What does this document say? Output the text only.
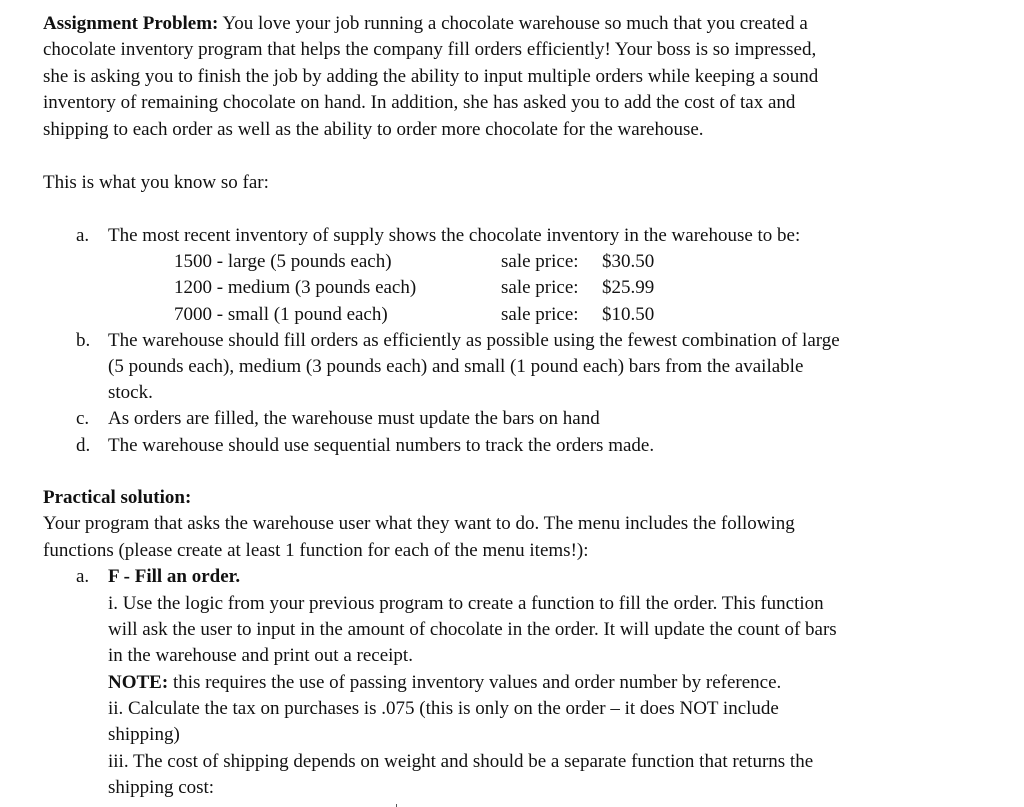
Assignment Problem: You love your job running a chocolate warehouse so much that you created a

chocolate inventory program that helps the company fill orders efficiently! Your boss is so impressed,

she is asking you to finish the job by adding the ability to input multiple orders while keeping a sound

inventory of remaining chocolate on hand. In addition, she has asked you to add the cost of tax and

shipping to each order as well as the ability to order more chocolate for the warehouse.

This is what you know so far:

a. The most recent inventory of supply shows the chocolate inventory in the warehouse to be:

1500 - large (5 pounds each)	sale price: $30.50
1200 - medium (3 pounds each)	sale price: $25.99
7000 - small (1 pound each)	sale price: $10.50
b. The warehouse should fill orders as efficiently as possible using the fewest combination of large

(5 pounds each), medium (3 pounds each) and small (1 pound each) bars from the available

stock.

c. As orders are filled, the warehouse must update the bars on hand

d. The warehouse should use sequential numbers to track the orders made.

Practical solution:

Your program that asks the warehouse user what they want to do. The menu includes the following

functions (please create at least 1 function for each of the menu items!):

a. F - Fill an order.

i. Use the logic from your previous program to create a function to fill the order. This function

will ask the user to input in the amount of chocolate in the order. It will update the count of bars

in the warehouse and print out a receipt.

NOTE: this requires the use of passing inventory values and order number by reference.

ii. Calculate the tax on purchases is .075 (this is only on the order – it does NOT include

shipping)

iii. The cost of shipping depends on weight and should be a separate function that returns the

shipping cost:
